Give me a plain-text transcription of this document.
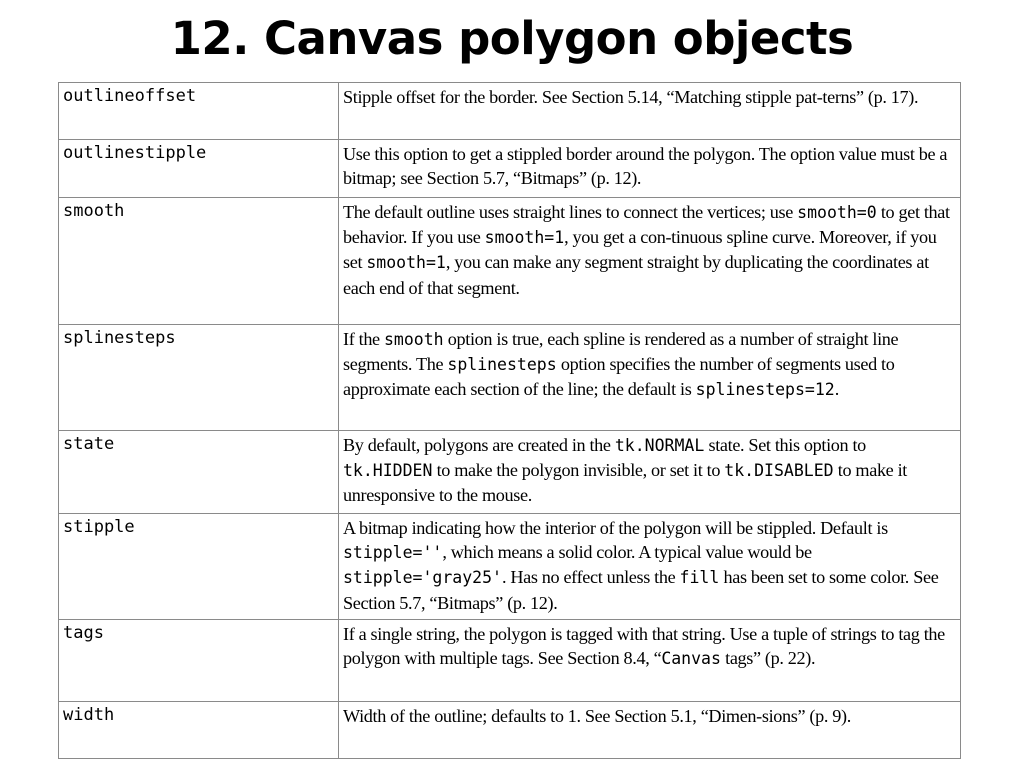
12. Canvas polygon objects
outlineoffset	Stipple offset for the border. See Section 5.14, “Matching stipple pat-terns” (p. 17).
outlinestipple	Use this option to get a stippled border around the polygon. The option value must be a bitmap; see Section 5.7, “Bitmaps” (p. 12).
smooth	The default outline uses straight lines to connect the vertices; use smooth=0 to get that behavior. If you use smooth=1, you get a con-tinuous spline curve. Moreover, if you set smooth=1, you can make any segment straight by duplicating the coordinates at each end of that segment.
splinesteps	If the smooth option is true, each spline is rendered as a number of straight line segments. The splinesteps option specifies the number of segments used to approximate each section of the line; the default is splinesteps=12.
state	By default, polygons are created in the tk.NORMAL state. Set this option to tk.HIDDEN to make the polygon invisible, or set it to tk.DISABLED to make it unresponsive to the mouse.
stipple	A bitmap indicating how the interior of the polygon will be stippled. Default is stipple='', which means a solid color. A typical value would be stipple='gray25'. Has no effect unless the fill has been set to some color. See Section 5.7, “Bitmaps” (p. 12).
tags	If a single string, the polygon is tagged with that string. Use a tuple of strings to tag the polygon with multiple tags. See Section 8.4, “Canvas tags” (p. 22).
width	Width of the outline; defaults to 1. See Section 5.1, “Dimen-sions” (p. 9).
